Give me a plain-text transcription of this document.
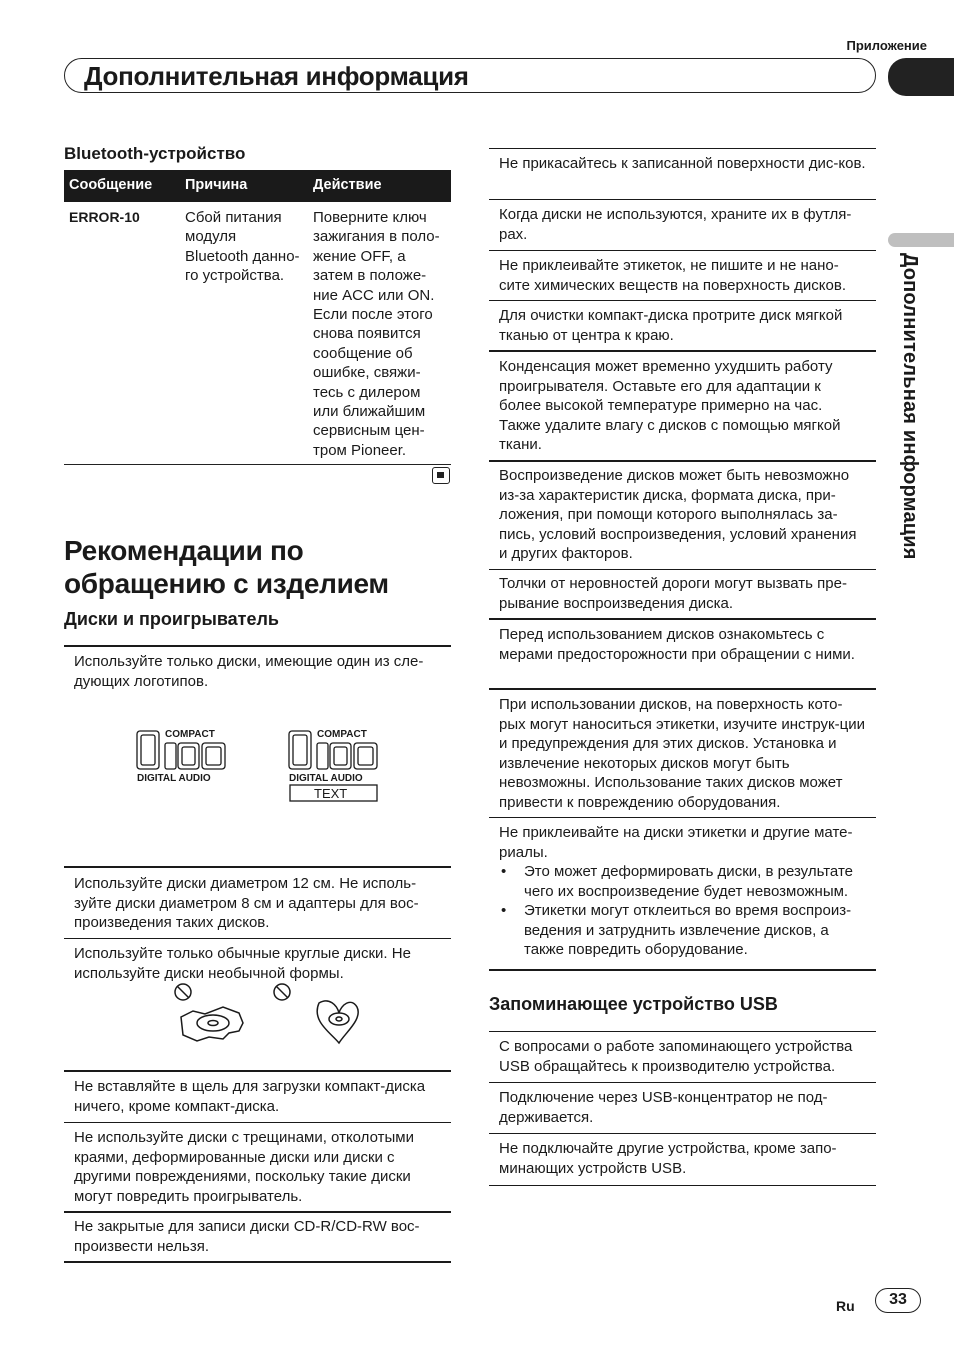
Приложение
Дополнительная информация
Дополнительная информация
Bluetooth-устройство
Сообщение	Причина	Действие
ERROR-10	Сбой питания модуля Bluetooth данно-го устройства.	Поверните ключ зажигания в поло-жение OFF, а затем в положе-ние ACC или ON. Если после этого снова появится сообщение об ошибке, свяжи-тесь с дилером или ближайшим сервисным цен-тром Pioneer.
Рекомендации по обращению с изделием
Диски и проигрыватель
Используйте только диски, имеющие один из сле-дующих логотипов.
COMPACT
DIGITAL AUDIO
COMPACT
DIGITAL AUDIO
TEXT
Используйте диски диаметром 12 см. Не исполь-зуйте диски диаметром 8 см и адаптеры для вос-произведения таких дисков.
Используйте только обычные круглые диски. Не используйте диски необычной формы.
Не вставляйте в щель для загрузки компакт-диска ничего, кроме компакт-диска.
Не используйте диски с трещинами, отколотыми краями, деформированные диски или диски с другими повреждениями, поскольку такие диски могут повредить проигрыватель.
Не закрытые для записи диски CD-R/CD-RW вос-произвести нельзя.
Не прикасайтесь к записанной поверхности дис-ков.
Когда диски не используются, храните их в футля-рах.
Не приклеивайте этикеток, не пишите и не нано-сите химических веществ на поверхность дисков.
Для очистки компакт-диска протрите диск мягкой тканью от центра к краю.
Конденсация может временно ухудшить работу проигрывателя. Оставьте его для адаптации к более высокой температуре примерно на час. Также удалите влагу с дисков с помощью мягкой ткани.
Воспроизведение дисков может быть невозможно из-за характеристик диска, формата диска, при-ложения, при помощи которого выполнялась за-пись, условий воспроизведения, условий хранения и других факторов.
Толчки от неровностей дороги могут вызвать пре-рывание воспроизведения диска.
Перед использованием дисков ознакомьтесь с мерами предосторожности при обращении с ними.
При использовании дисков, на поверхность кото-рых могут наноситься этикетки, изучите инструк-ции и предупреждения для этих дисков. Установка и извлечение некоторых дисков могут быть невозможны. Использование таких дисков может привести к повреждению оборудования.
Не приклеивайте на диски этикетки и другие мате-риалы.
• Это может деформировать диски, в результате чего их воспроизведение будет невозможным.
• Этикетки могут отклеиться во время воспроиз-ведения и затруднить извлечение дисков, а также повредить оборудование.
Запоминающее устройство USB
С вопросами о работе запоминающего устройства USB обращайтесь к производителю устройства.
Подключение через USB-концентратор не под-держивается.
Не подключайте другие устройства, кроме запо-минающих устройств USB.
Ru	33
